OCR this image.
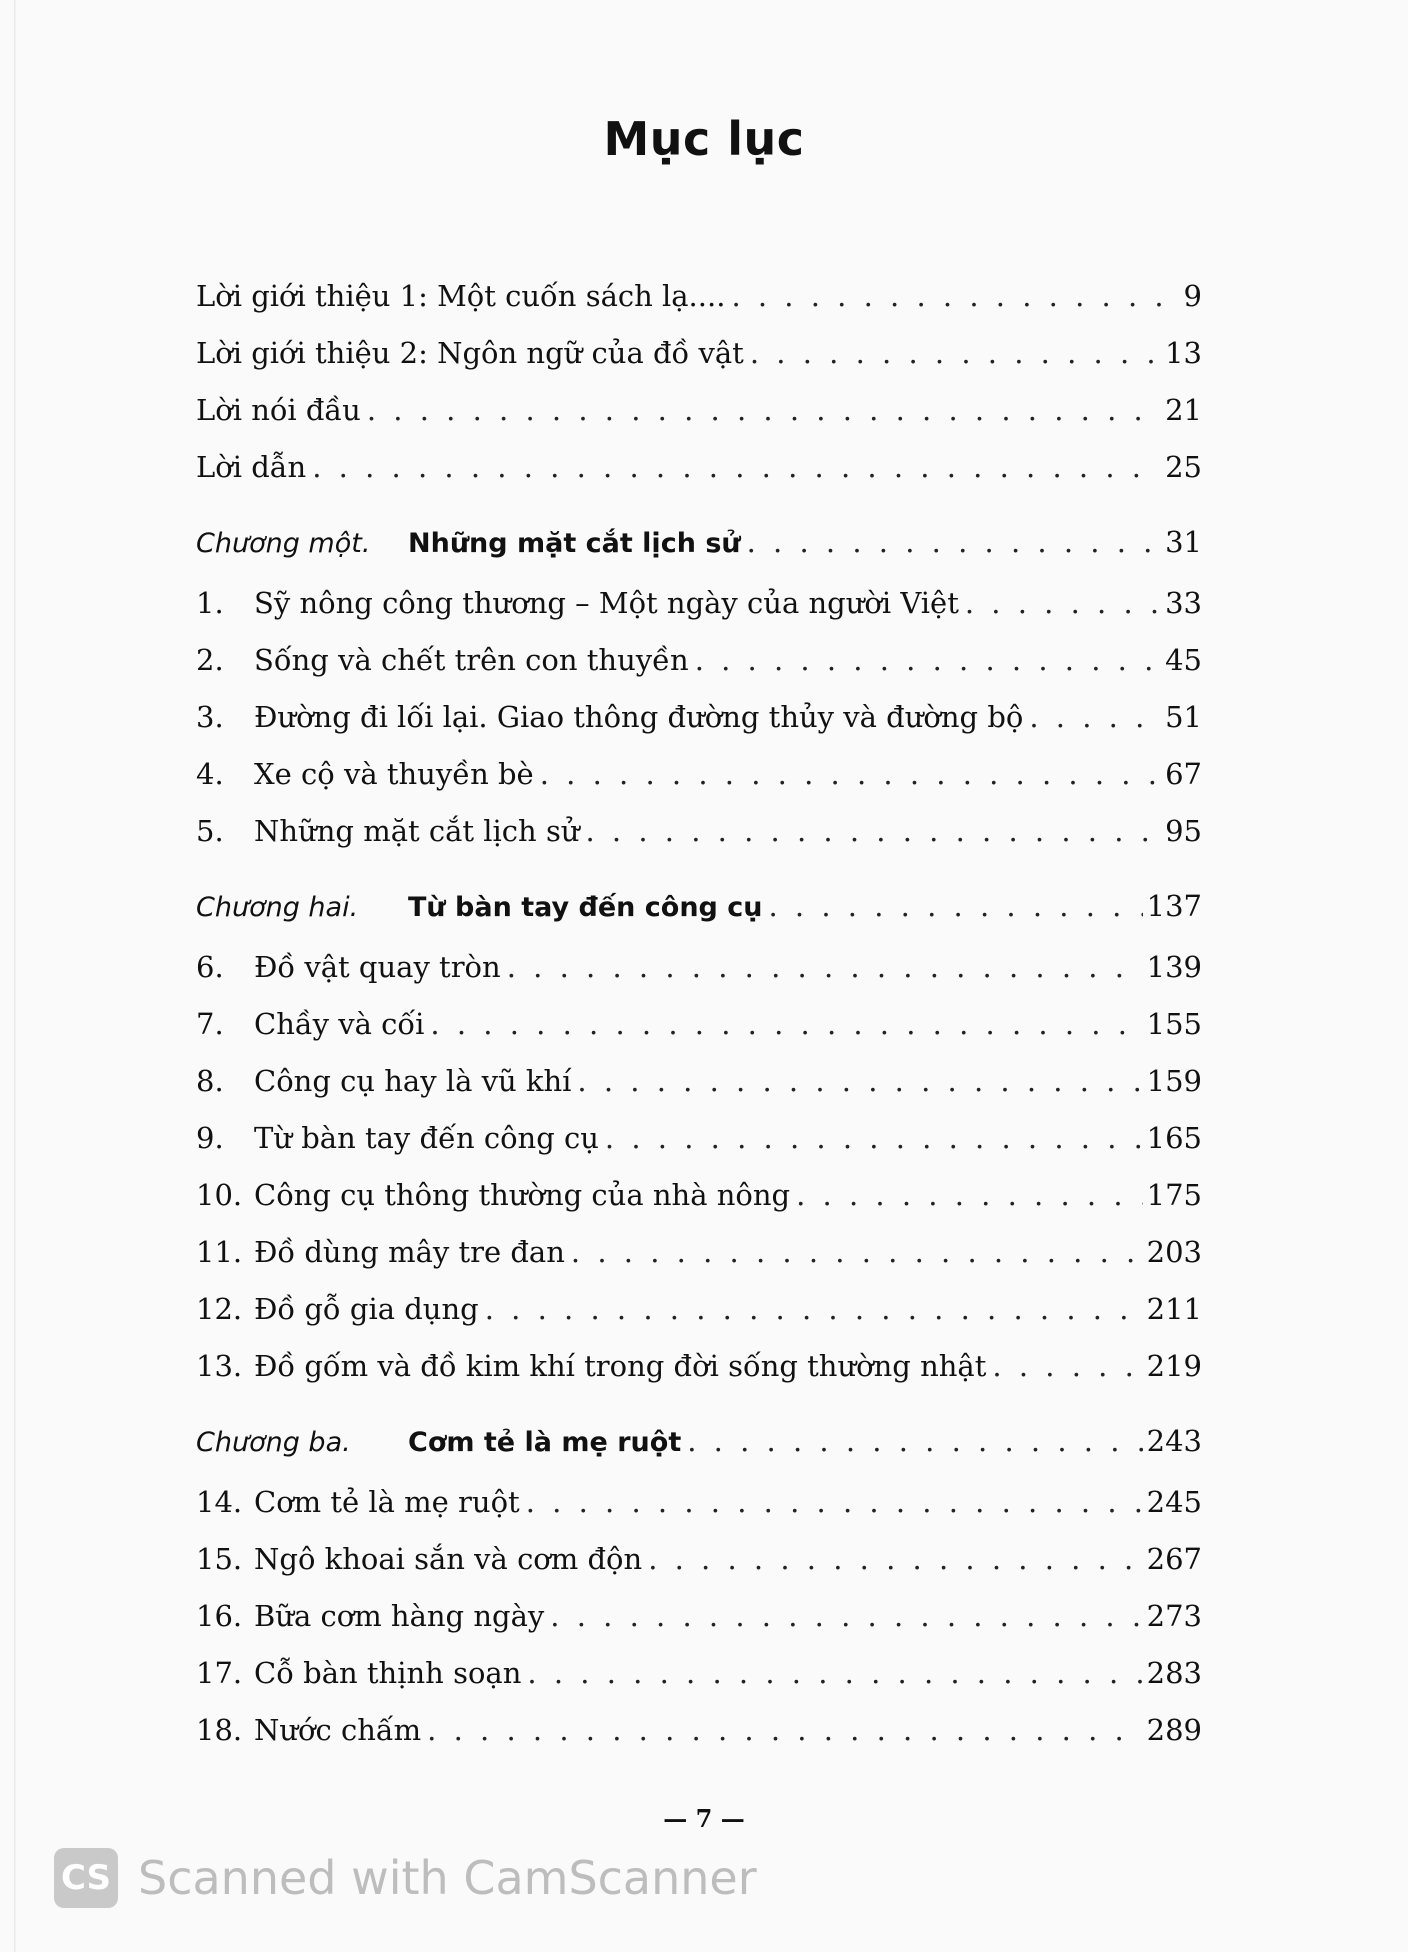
Mục lục
Lời giới thiệu 1: Một cuốn sách lạ.... . . .	9
Lời giới thiệu 2: Ngôn ngữ của đồ vật . . .	13
Lời nói đầu . . .	21
Lời dẫn . . .	25
Chương một.	Những mặt cắt lịch sử . . .	31
1.	Sỹ nông công thương – Một ngày của người Việt . . .	33
2.	Sống và chết trên con thuyền . . .	45
3.	Đường đi lối lại. Giao thông đường thủy và đường bộ . . .	51
4.	Xe cộ và thuyền bè . . .	67
5.	Những mặt cắt lịch sử . . .	95
Chương hai.	Từ bàn tay đến công cụ . . .	137
6.	Đồ vật quay tròn . . .	139
7.	Chầy và cối . . .	155
8.	Công cụ hay là vũ khí . . .	159
9.	Từ bàn tay đến công cụ . . .	165
10. Công cụ thông thường của nhà nông . . .	175
11. Đồ dùng mây tre đan . . .	203
12. Đồ gỗ gia dụng . . .	211
13. Đồ gốm và đồ kim khí trong đời sống thường nhật . . .	219
Chương ba.	Cơm tẻ là mẹ ruột . . .	243
14. Cơm tẻ là mẹ ruột . . .	245
15. Ngô khoai sắn và cơm độn . . .	267
16. Bữa cơm hàng ngày . . .	273
17. Cỗ bàn thịnh soạn . . .	283
18. Nước chấm . . .	289
— 7 —
CS Scanned with CamScanner
